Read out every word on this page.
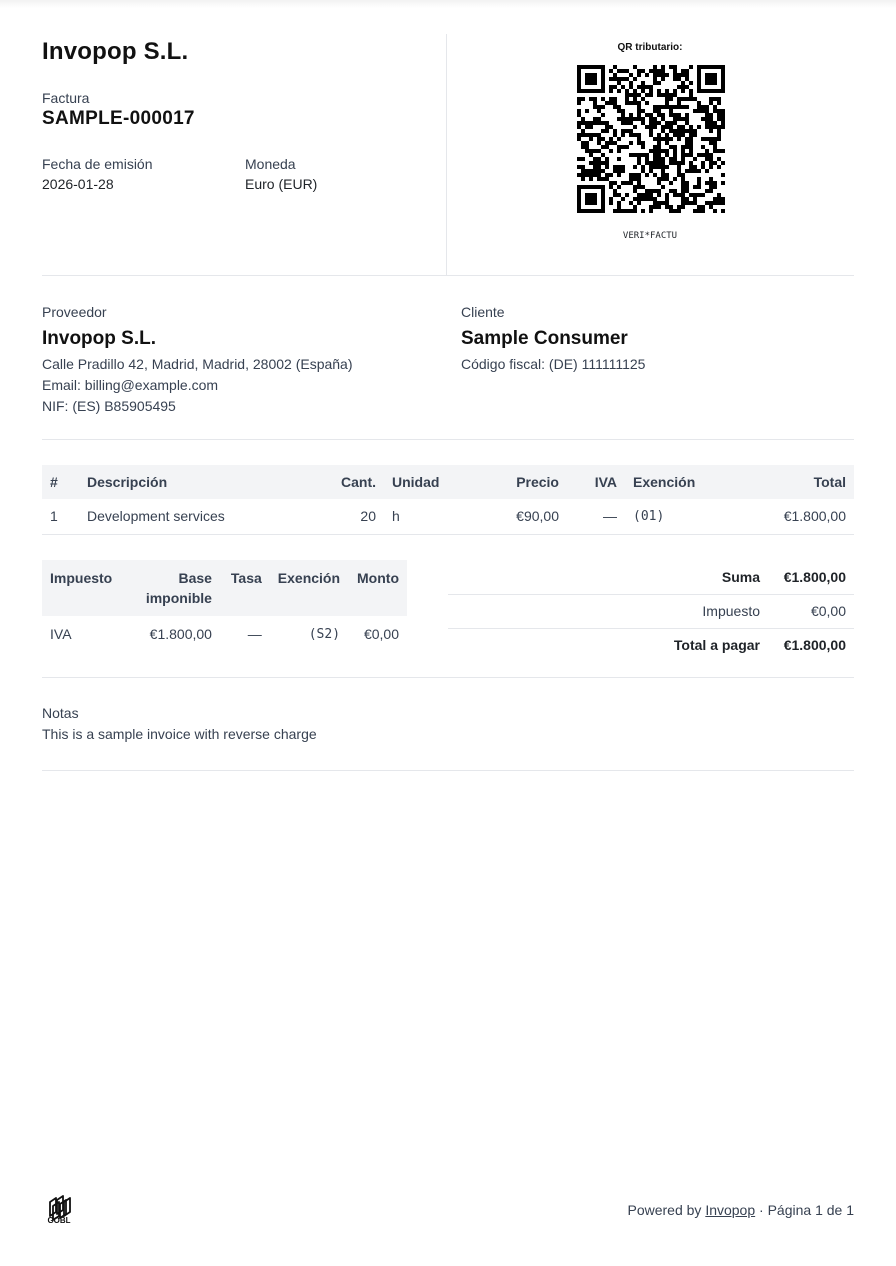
Invopop S.L.
Factura
SAMPLE-000017
Fecha de emisión
2026-01-28
Moneda
Euro (EUR)
QR tributario:
VERI*FACTU
Proveedor
Invopop S.L.
Calle Pradillo 42, Madrid, Madrid, 28002 (España)
Email: billing@example.com
NIF: (ES) B85905495
Cliente
Sample Consumer
Código fiscal: (DE) 111111125
#	Descripción	Cant.	Unidad	Precio	IVA	Exención	Total
1	Development services	20	h	€90,00	—	(01)	€1.800,00
Impuesto	Base imponible	Tasa	Exención	Monto
IVA	€1.800,00	—	(S2)	€0,00
Suma	€1.800,00
Impuesto	€0,00
Total a pagar	€1.800,00
Notas
This is a sample invoice with reverse charge
GOBL
Powered by Invopop · Página 1 de 1
